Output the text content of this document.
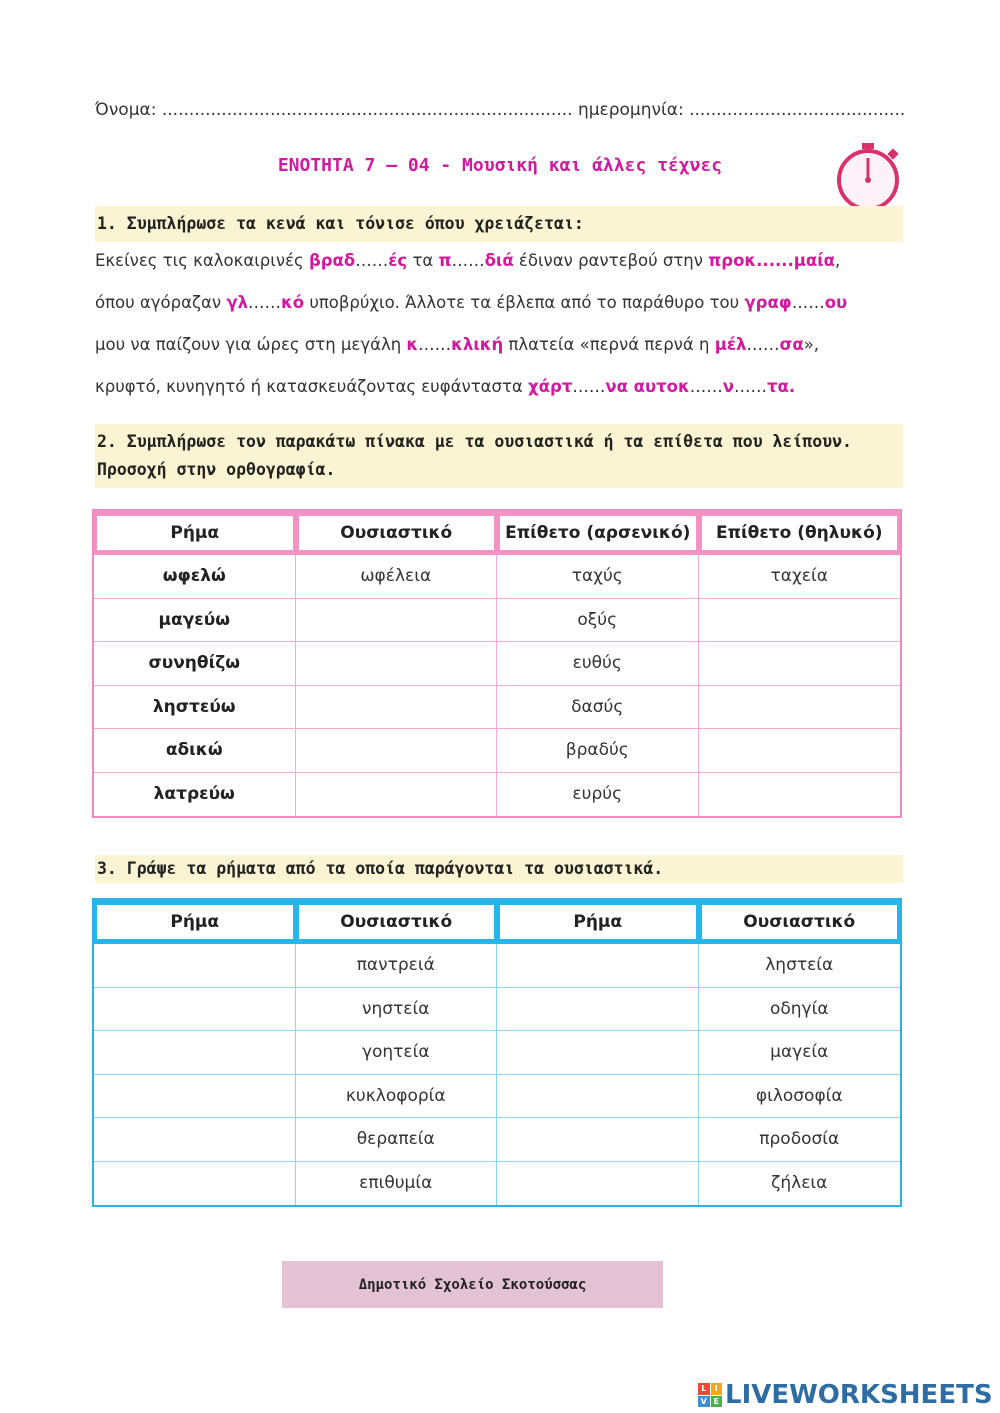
Όνομα: ............................................................................ ημερομηνία: ........................................
ΕΝΟΤΗΤΑ 7 – 04 - Μουσική και άλλες τέχνες
1. Συμπλήρωσε τα κενά και τόνισε όπου χρειάζεται:
Εκείνες τις καλοκαιρινές βραδ……ές τα π……διά έδιναν ραντεβού στην προκ......μαία,
όπου αγόραζαν γλ……κό υποβρύχιο. Άλλοτε τα έβλεπα από το παράθυρο του γραφ……ου
μου να παίζουν για ώρες στη μεγάλη κ……κλική πλατεία «περνά περνά η μέλ……σα»,
κρυφτό, κυνηγητό ή κατασκευάζοντας ευφάνταστα χάρτ……να αυτοκ……ν……τα.
2. Συμπλήρωσε τον παρακάτω πίνακα με τα ουσιαστικά ή τα επίθετα που λείπουν.
Προσοχή στην ορθογραφία.
Ρήμα	Ουσιαστικό	Επίθετο (αρσενικό)	Επίθετο (θηλυκό)
ωφελώ	ωφέλεια	ταχύς	ταχεία
μαγεύω		οξύς	
συνηθίζω		ευθύς	
ληστεύω		δασύς	
αδικώ		βραδύς	
λατρεύω		ευρύς	
3. Γράψε τα ρήματα από τα οποία παράγονται τα ουσιαστικά.
Ρήμα	Ουσιαστικό	Ρήμα	Ουσιαστικό
	παντρειά		ληστεία
	νηστεία		οδηγία
	γοητεία		μαγεία
	κυκλοφορία		φιλοσοφία
	θεραπεία		προδοσία
	επιθυμία		ζήλεια
Δημοτικό Σχολείο Σκοτούσσας
L	I
V E LIVEWORKSHEETS
